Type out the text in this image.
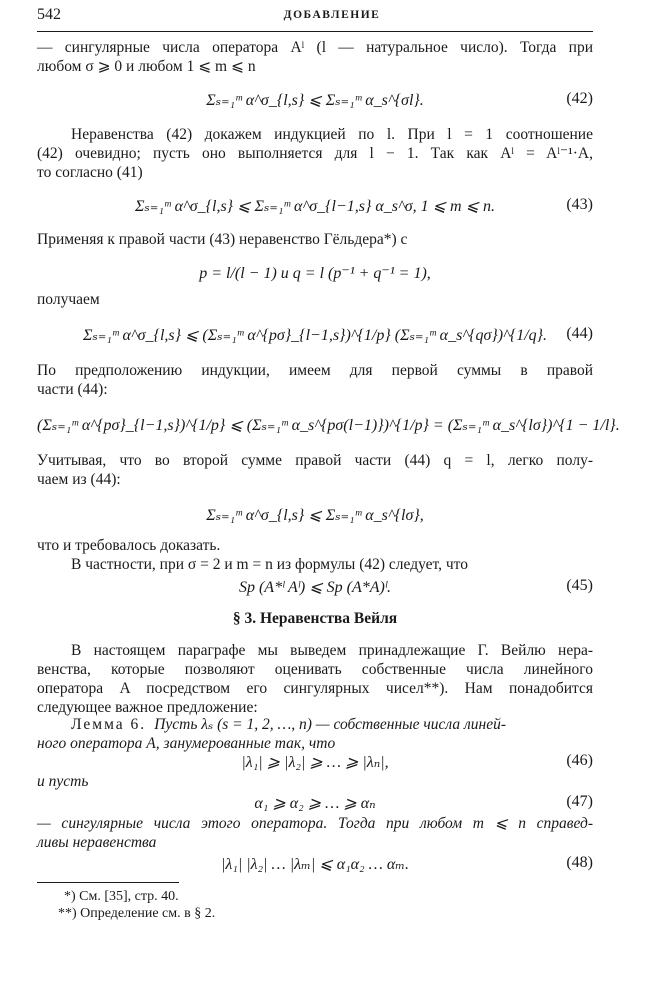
542	ДОБАВЛЕНИЕ
— сингулярные числа оператора Aˡ (l — натуральное число). Тогда при
любом σ ⩾ 0 и любом 1 ⩽ m ⩽ n
Σₛ₌₁ᵐ α^σ_{l,s} ⩽ Σₛ₌₁ᵐ α_s^{σl}.	(42)
Неравенства (42) докажем индукцией по l. При l = 1 соотношение
(42) очевидно; пусть оно выполняется для l − 1. Так как Aˡ = Aˡ⁻¹·A,
то согласно (41)
Σₛ₌₁ᵐ α^σ_{l,s} ⩽ Σₛ₌₁ᵐ α^σ_{l−1,s} α_s^σ, 1 ⩽ m ⩽ n.	(43)
Применяя к правой части (43) неравенство Гёльдера*) с
p = l/(l − 1) и q = l (p⁻¹ + q⁻¹ = 1),
получаем
Σₛ₌₁ᵐ α^σ_{l,s} ⩽ (Σₛ₌₁ᵐ α^{pσ}_{l−1,s})^{1/p} (Σₛ₌₁ᵐ α_s^{qσ})^{1/q}.	(44)
По предположению индукции, имеем для первой суммы в правой
части (44):
(Σₛ₌₁ᵐ α^{pσ}_{l−1,s})^{1/p} ⩽ (Σₛ₌₁ᵐ α_s^{pσ(l−1)})^{1/p} = (Σₛ₌₁ᵐ α_s^{lσ})^{1 − 1/l}.
Учитывая, что во второй сумме правой части (44) q = l, легко полу-
чаем из (44):
Σₛ₌₁ᵐ α^σ_{l,s} ⩽ Σₛ₌₁ᵐ α_s^{lσ},
что и требовалось доказать.
В частности, при σ = 2 и m = n из формулы (42) следует, что
Sp (A*ˡ Aˡ) ⩽ Sp (A*A)ˡ.	(45)
§ 3. Неравенства Вейля
В настоящем параграфе мы выведем принадлежащие Г. Вейлю нера-
венства, которые позволяют оценивать собственные числа линейного
оператора A посредством его сингулярных чисел**). Нам понадобится
следующее важное предложение:
Лемма 6. Пусть λₛ (s = 1, 2, …, n) — собственные числа линей-
ного оператора A, занумерованные так, что
|λ₁| ⩾ |λ₂| ⩾ … ⩾ |λₙ|,	(46)
и пусть
α₁ ⩾ α₂ ⩾ … ⩾ αₙ	(47)
— сингулярные числа этого оператора. Тогда при любом m ⩽ n справед-
ливы неравенства
|λ₁| |λ₂| … |λₘ| ⩽ α₁α₂ … αₘ.	(48)
*) См. [35], стр. 40.
**) Определение см. в § 2.
